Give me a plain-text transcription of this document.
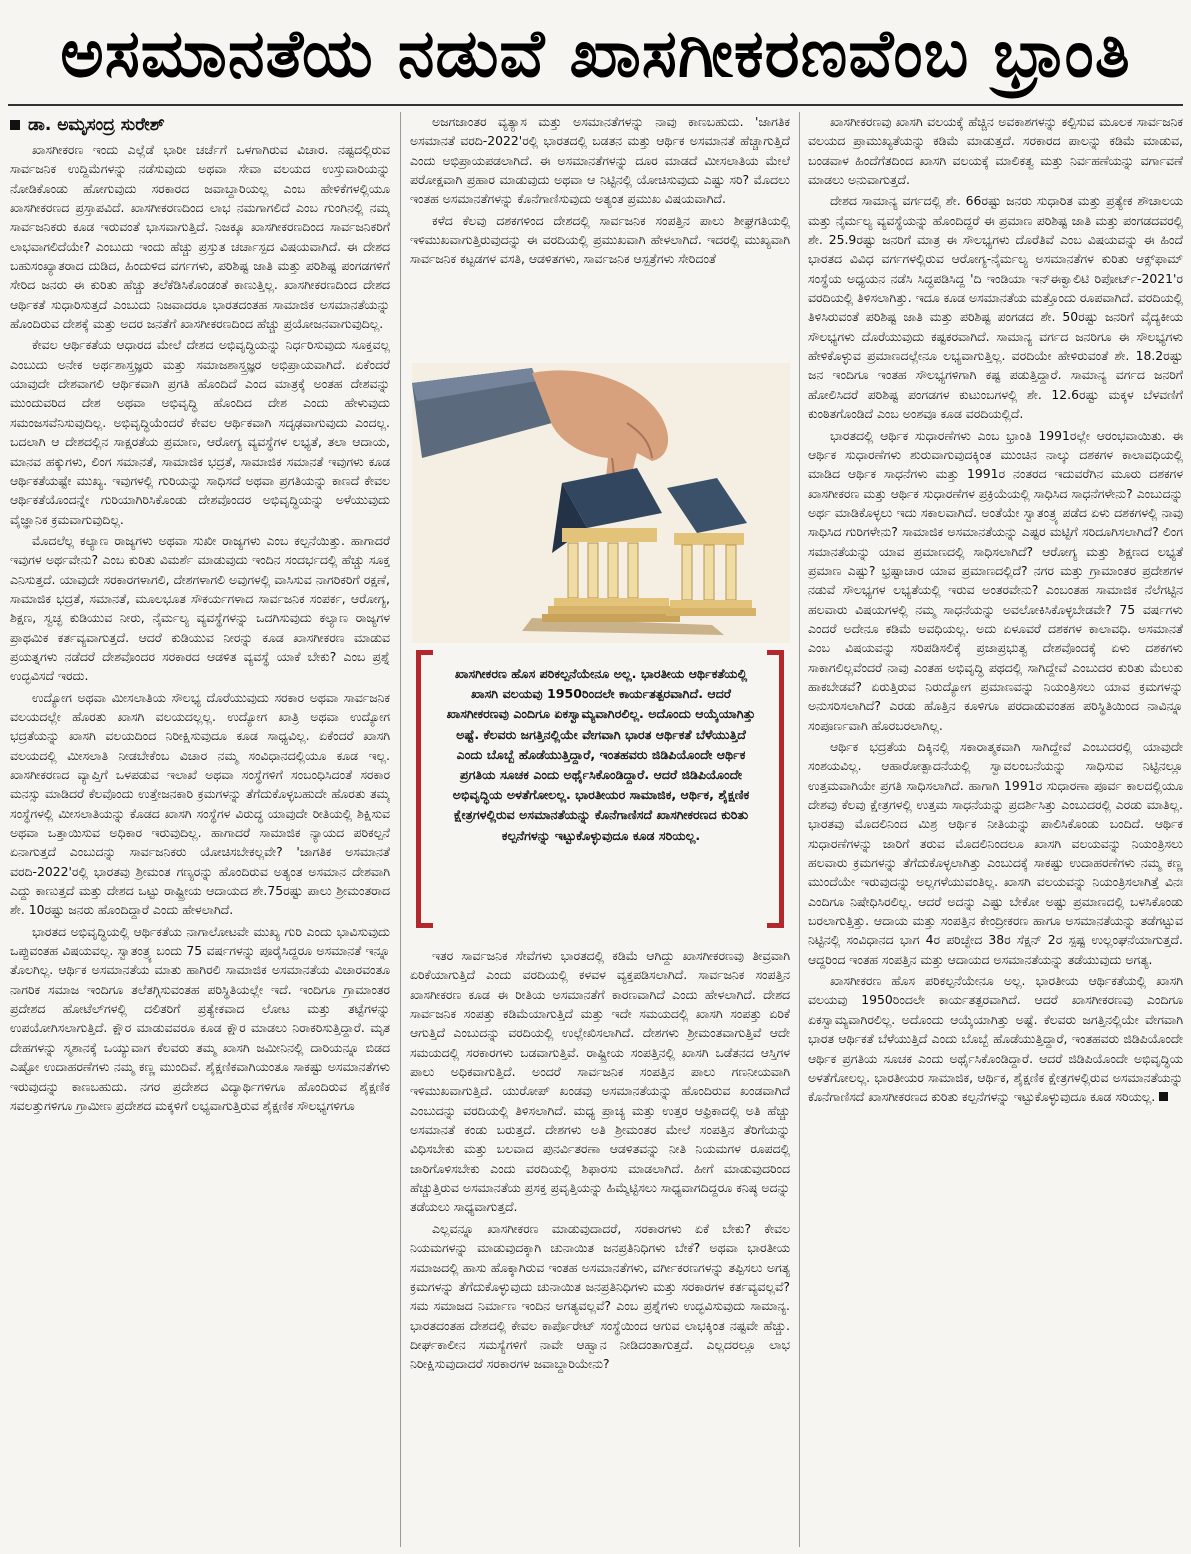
ಅಸಮಾನತೆಯ ನಡುವೆ ಖಾಸಗೀಕರಣವೆಂಬ ಭ್ರಾಂತಿ
ಡಾ. ಅಮೃಸಂದ್ರ ಸುರೇಶ್

ಖಾಸಗೀಕರಣ ಇಂದು ಎಲ್ಲೆಡೆ ಭಾರೀ ಚರ್ಚೆಗೆ ಒಳಗಾಗಿರುವ ವಿಚಾರ. ನಷ್ಟದಲ್ಲಿರುವ ಸಾರ್ವಜನಿಕ ಉದ್ದಿಮೆಗಳನ್ನು ನಡೆಸುವುದು ಅಥವಾ ಸೇವಾ ವಲಯದ ಉಸ್ತುವಾರಿಯನ್ನು ನೋಡಿಕೊಂಡು ಹೋಗುವುದು ಸರಕಾರದ ಜವಾಬ್ದಾರಿಯಲ್ಲ ಎಂಬ ಹೇಳಿಕೆಗಳಲ್ಲಿಯೂ ಖಾಸಗೀಕರಣದ ಪ್ರಸ್ತಾಪವಿದೆ. ಖಾಸಗೀಕರಣದಿಂದ ಲಾಭ ನಮಗಾಗಲಿದೆ ಎಂಬ ಗುಂಗಿನಲ್ಲಿ ನಮ್ಮ ಸಾರ್ವಜನಿಕರು ಕೂಡ ಇರುವಂತೆ ಭಾಸವಾಗುತ್ತಿದೆ. ನಿಜಕ್ಕೂ ಖಾಸಗೀಕರಣದಿಂದ ಸಾರ್ವಜನಿಕರಿಗೆ ಲಾಭವಾಗಲಿದೆಯೇ? ಎಂಬುದು ಇಂದು ಹೆಚ್ಚು ಪ್ರಸ್ತುತ ಚರ್ಚಾಸ್ಪದ ವಿಷಯವಾಗಿದೆ. ಈ ದೇಶದ ಬಹುಸಂಖ್ಯಾತರಾದ ದುಡಿದ, ಹಿಂದುಳಿದ ವರ್ಗಗಳು, ಪರಿಶಿಷ್ಟ ಜಾತಿ ಮತ್ತು ಪರಿಶಿಷ್ಟ ಪಂಗಡಗಳಿಗೆ ಸೇರಿದ ಜನರು ಈ ಕುರಿತು ಹೆಚ್ಚು ತಲೆಕೆಡಿಸಿಕೊಂಡಂತೆ ಕಾಣುತ್ತಿಲ್ಲ. ಖಾಸಗೀಕರಣದಿಂದ ದೇಶದ ಆರ್ಥಿಕತೆ ಸುಧಾರಿಸುತ್ತದೆ ಎಂಬುದು ನಿಜವಾದರೂ ಭಾರತದಂತಹ ಸಾಮಾಜಿಕ ಅಸಮಾನತೆಯನ್ನು ಹೊಂದಿರುವ ದೇಶಕ್ಕೆ ಮತ್ತು ಅದರ ಜನತೆಗೆ ಖಾಸಗೀಕರಣದಿಂದ ಹೆಚ್ಚು ಪ್ರಯೋಜನವಾಗುವುದಿಲ್ಲ.

ಕೇವಲ ಆರ್ಥಿಕತೆಯ ಆಧಾರದ ಮೇಲೆ ದೇಶದ ಅಭಿವೃದ್ಧಿಯನ್ನು ನಿರ್ಧರಿಸುವುದು ಸೂಕ್ತವಲ್ಲ ಎಂಬುದು ಅನೇಕ ಅರ್ಥಶಾಸ್ತ್ರಜ್ಞರು ಮತ್ತು ಸಮಾಜಶಾಸ್ತ್ರಜ್ಞರ ಅಭಿಪ್ರಾಯವಾಗಿದೆ. ಏಕೆಂದರೆ ಯಾವುದೇ ದೇಶವಾಗಲಿ ಆರ್ಥಿಕವಾಗಿ ಪ್ರಗತಿ ಹೊಂದಿದೆ ಎಂದ ಮಾತ್ರಕ್ಕೆ ಅಂತಹ ದೇಶವನ್ನು ಮುಂದುವರಿದ ದೇಶ ಅಥವಾ ಅಭಿವೃದ್ಧಿ ಹೊಂದಿದ ದೇಶ ಎಂದು ಹೇಳುವುದು ಸಮಂಜಸವೆನಿಸುವುದಿಲ್ಲ. ಅಭಿವೃದ್ಧಿಯೆಂದರೆ ಕೇವಲ ಆರ್ಥಿಕವಾಗಿ ಸದೃಢವಾಗುವುದು ಎಂದಲ್ಲ. ಬದಲಾಗಿ ಆ ದೇಶದಲ್ಲಿನ ಸಾಕ್ಷರತೆಯ ಪ್ರಮಾಣ, ಆರೋಗ್ಯ ವ್ಯವಸ್ಥೆಗಳ ಲಭ್ಯತೆ, ತಲಾ ಆದಾಯ, ಮಾನವ ಹಕ್ಕುಗಳು, ಲಿಂಗ ಸಮಾನತೆ, ಸಾಮಾಜಿಕ ಭದ್ರತೆ, ಸಾಮಾಜಿಕ ಸಮಾನತೆ ಇವುಗಳು ಕೂಡ ಆರ್ಥಿಕತೆಯಷ್ಟೇ ಮುಖ್ಯ. ಇವುಗಳಲ್ಲಿ ಗುರಿಯನ್ನು ಸಾಧಿಸದೆ ಅಥವಾ ಪ್ರಗತಿಯನ್ನು ಕಾಣದೆ ಕೇವಲ ಆರ್ಥಿಕತೆಯೊಂದನ್ನೇ ಗುರಿಯಾಗಿರಿಸಿಕೊಂಡು ದೇಶವೊಂದರ ಅಭಿವೃದ್ಧಿಯನ್ನು ಅಳೆಯುವುದು ವೈಜ್ಞಾನಿಕ ಕ್ರಮವಾಗುವುದಿಲ್ಲ.

ಮೊದಲೆಲ್ಲ ಕಲ್ಯಾಣ ರಾಜ್ಯಗಳು ಅಥವಾ ಸುಖೀ ರಾಜ್ಯಗಳು ಎಂಬ ಕಲ್ಪನೆಯಿತ್ತು. ಹಾಗಾದರೆ ಇವುಗಳ ಅರ್ಥವೇನು? ಎಂಬ ಕುರಿತು ವಿಮರ್ಶೆ ಮಾಡುವುದು ಇಂದಿನ ಸಂದರ್ಭದಲ್ಲಿ ಹೆಚ್ಚು ಸೂಕ್ತ ಎನಿಸುತ್ತದೆ. ಯಾವುದೇ ಸರಕಾರಗಳಾಗಲಿ, ದೇಶಗಳಾಗಲಿ ಅವುಗಳಲ್ಲಿ ವಾಸಿಸುವ ನಾಗರಿಕರಿಗೆ ರಕ್ಷಣೆ, ಸಾಮಾಜಿಕ ಭದ್ರತೆ, ಸಮಾನತೆ, ಮೂಲಭೂತ ಸೌಕರ್ಯಗಳಾದ ಸಾರ್ವಜನಿಕ ಸಂಪರ್ಕ, ಆರೋಗ್ಯ, ಶಿಕ್ಷಣ, ಸ್ವಚ್ಛ ಕುಡಿಯುವ ನೀರು, ನೈರ್ಮಲ್ಯ ವ್ಯವಸ್ಥೆಗಳನ್ನು ಒದಗಿಸುವುದು ಕಲ್ಯಾಣ ರಾಜ್ಯಗಳ ಪ್ರಾಥಮಿಕ ಕರ್ತವ್ಯವಾಗುತ್ತದೆ. ಆದರೆ ಕುಡಿಯುವ ನೀರನ್ನು ಕೂಡ ಖಾಸಗೀಕರಣ ಮಾಡುವ ಪ್ರಯತ್ನಗಳು ನಡೆದರೆ ದೇಶವೊಂದರ ಸರಕಾರದ ಆಡಳಿತ ವ್ಯವಸ್ಥೆ ಯಾಕೆ ಬೇಕು? ಎಂಬ ಪ್ರಶ್ನೆ ಉದ್ಭವಿಸದೆ ಇರದು.

ಉದ್ಯೋಗ ಅಥವಾ ಮೀಸಲಾತಿಯ ಸೌಲಭ್ಯ ದೊರೆಯುವುದು ಸರಕಾರ ಅಥವಾ ಸಾರ್ವಜನಿಕ ವಲಯದಲ್ಲೇ ಹೊರತು ಖಾಸಗಿ ವಲಯದಲ್ಲಲ್ಲ. ಉದ್ಯೋಗ ಖಾತ್ರಿ ಅಥವಾ ಉದ್ಯೋಗ ಭದ್ರತೆಯನ್ನು ಖಾಸಗಿ ವಲಯದಿಂದ ನಿರೀಕ್ಷಿಸುವುದೂ ಕೂಡ ಸಾಧ್ಯವಿಲ್ಲ. ಏಕೆಂದರೆ ಖಾಸಗಿ ವಲಯದಲ್ಲಿ ಮೀಸಲಾತಿ ನೀಡಬೇಕೆಂಬ ವಿಚಾರ ನಮ್ಮ ಸಂವಿಧಾನದಲ್ಲಿಯೂ ಕೂಡ ಇಲ್ಲ. ಖಾಸಗೀಕರಣದ ವ್ಯಾಪ್ತಿಗೆ ಒಳಪಡುವ ಇಲಾಖೆ ಅಥವಾ ಸಂಸ್ಥೆಗಳಿಗೆ ಸಂಬಂಧಿಸಿದಂತೆ ಸರಕಾರ ಮನಸ್ಸು ಮಾಡಿದರೆ ಕೆಲವೊಂದು ಉತ್ತೇಜನಕಾರಿ ಕ್ರಮಗಳನ್ನು ತೆಗೆದುಕೊಳ್ಳಬಹುದೇ ಹೊರತು ತಮ್ಮ ಸಂಸ್ಥೆಗಳಲ್ಲಿ ಮೀಸಲಾತಿಯನ್ನು ಕೊಡದ ಖಾಸಗಿ ಸಂಸ್ಥೆಗಳ ವಿರುದ್ಧ ಯಾವುದೇ ರೀತಿಯಲ್ಲಿ ಶಿಕ್ಷಿಸುವ ಅಥವಾ ಒತ್ತಾಯಿಸುವ ಅಧಿಕಾರ ಇರುವುದಿಲ್ಲ. ಹಾಗಾದರೆ ಸಾಮಾಜಿಕ ನ್ಯಾಯದ ಪರಿಕಲ್ಪನೆ ಏನಾಗುತ್ತದೆ ಎಂಬುದನ್ನು ಸಾರ್ವಜನಿಕರು ಯೋಚಿಸಬೇಕಲ್ಲವೇ? 'ಜಾಗತಿಕ ಅಸಮಾನತೆ ವರದಿ-2022'ರಲ್ಲಿ ಭಾರತವು ಶ್ರೀಮಂತ ಗಣ್ಯರನ್ನು ಹೊಂದಿರುವ ಅತ್ಯಂತ ಅಸಮಾನ ದೇಶವಾಗಿ ಎದ್ದು ಕಾಣುತ್ತದೆ ಮತ್ತು ದೇಶದ ಒಟ್ಟು ರಾಷ್ಟ್ರೀಯ ಆದಾಯದ ಶೇ.75ರಷ್ಟು ಪಾಲು ಶ್ರೀಮಂತರಾದ ಶೇ. 10ರಷ್ಟು ಜನರು ಹೊಂದಿದ್ದಾರೆ ಎಂದು ಹೇಳಲಾಗಿದೆ.

ಭಾರತದ ಅಭಿವೃದ್ಧಿಯಲ್ಲಿ ಆರ್ಥಿಕತೆಯ ನಾಗಾಲೋಟವೇ ಮುಖ್ಯ ಗುರಿ ಎಂದು ಭಾವಿಸುವುದು ಒಪ್ಪುವಂತಹ ವಿಷಯವಲ್ಲ. ಸ್ವಾತಂತ್ರ್ಯ ಬಂದು 75 ವರ್ಷಗಳನ್ನು ಪೂರೈಸಿದ್ದರೂ ಅಸಮಾನತೆ ಇನ್ನೂ ತೊಲಗಿಲ್ಲ. ಆರ್ಥಿಕ ಅಸಮಾನತೆಯ ಮಾತು ಹಾಗಿರಲಿ ಸಾಮಾಜಿಕ ಅಸಮಾನತೆಯ ವಿಚಾರವಂತೂ ನಾಗರಿಕ ಸಮಾಜ ಇಂದಿಗೂ ತಲೆತಗ್ಗಿಸುವಂತಹ ಪರಿಸ್ಥಿತಿಯಲ್ಲೇ ಇದೆ. ಇಂದಿಗೂ ಗ್ರಾಮಾಂತರ ಪ್ರದೇಶದ ಹೋಟೆಲ್‌ಗಳಲ್ಲಿ ದಲಿತರಿಗೆ ಪ್ರತ್ಯೇಕವಾದ ಲೋಟ ಮತ್ತು ತಟ್ಟೆಗಳನ್ನು ಉಪಯೋಗಿಸಲಾಗುತ್ತಿದೆ. ಕ್ಷೌರ ಮಾಡುವವರೂ ಕೂಡ ಕ್ಷೌರ ಮಾಡಲು ನಿರಾಕರಿಸುತ್ತಿದ್ದಾರೆ. ಮೃತ ದೇಹಗಳನ್ನು ಸ್ಮಶಾನಕ್ಕೆ ಒಯ್ಯುವಾಗ ಕೆಲವರು ತಮ್ಮ ಖಾಸಗಿ ಜಮೀನಿನಲ್ಲಿ ದಾರಿಯನ್ನೂ ಬಿಡದ ಎಷ್ಟೋ ಉದಾಹರಣೆಗಳು ನಮ್ಮ ಕಣ್ಣ ಮುಂದಿವೆ. ಶೈಕ್ಷಣಿಕವಾಗಿಯಂತೂ ಸಾಕಷ್ಟು ಅಸಮಾನತೆಗಳು ಇರುವುದನ್ನು ಕಾಣಬಹುದು. ನಗರ ಪ್ರದೇಶದ ವಿದ್ಯಾರ್ಥಿಗಳಿಗೂ ಹೊಂದಿರುವ ಶೈಕ್ಷಣಿಕ ಸವಲತ್ತುಗಳಿಗೂ ಗ್ರಾಮೀಣ ಪ್ರದೇಶದ ಮಕ್ಕಳಿಗೆ ಲಭ್ಯವಾಗುತ್ತಿರುವ ಶೈಕ್ಷಣಿಕ ಸೌಲಭ್ಯಗಳಿಗೂ

ಅಜಗಜಾಂತರ ವ್ಯತ್ಯಾಸ ಮತ್ತು ಅಸಮಾನತೆಗಳನ್ನು ನಾವು ಕಾಣಬಹುದು. 'ಜಾಗತಿಕ ಅಸಮಾನತೆ ವರದಿ-2022'ರಲ್ಲಿ ಭಾರತದಲ್ಲಿ ಬಡತನ ಮತ್ತು ಆರ್ಥಿಕ ಅಸಮಾನತೆ ಹೆಚ್ಚಾಗುತ್ತಿದೆ ಎಂದು ಅಭಿಪ್ರಾಯಪಡಲಾಗಿದೆ. ಈ ಅಸಮಾನತೆಗಳನ್ನು ದೂರ ಮಾಡದೆ ಮೀಸಲಾತಿಯ ಮೇಲೆ ಪರೋಕ್ಷವಾಗಿ ಪ್ರಹಾರ ಮಾಡುವುದು ಅಥವಾ ಆ ನಿಟ್ಟಿನಲ್ಲಿ ಯೋಚಿಸುವುದು ಎಷ್ಟು ಸರಿ? ಮೊದಲು ಇಂತಹ ಅಸಮಾನತೆಗಳನ್ನು ಕೊನೆಗಾಣಿಸುವುದು ಅತ್ಯಂತ ಪ್ರಮುಖ ವಿಷಯವಾಗಿದೆ.

ಕಳೆದ ಕೆಲವು ದಶಕಗಳಿಂದ ದೇಶದಲ್ಲಿ ಸಾರ್ವಜನಿಕ ಸಂಪತ್ತಿನ ಪಾಲು ಶೀಘ್ರಗತಿಯಲ್ಲಿ ಇಳಿಮುಖವಾಗುತ್ತಿರುವುದನ್ನು ಈ ವರದಿಯಲ್ಲಿ ಪ್ರಮುಖವಾಗಿ ಹೇಳಲಾಗಿದೆ. ಇದರಲ್ಲಿ ಮುಖ್ಯವಾಗಿ ಸಾರ್ವಜನಿಕ ಕಟ್ಟಡಗಳ ವಸತಿ, ಆಡಳಿತಗಳು, ಸಾರ್ವಜನಿಕ ಆಸ್ಪತ್ರೆಗಳು ಸೇರಿದಂತೆ

ಖಾಸಗೀಕರಣ ಹೊಸ ಪರಿಕಲ್ಪನೆಯೇನೂ ಅಲ್ಲ. ಭಾರತೀಯ ಆರ್ಥಿಕತೆಯಲ್ಲಿ ಖಾಸಗಿ ವಲಯವು 1950ರಿಂದಲೇ ಕಾರ್ಯತತ್ಪರವಾಗಿದೆ. ಆದರೆ ಖಾಸಗೀಕರಣವು ಎಂದಿಗೂ ಏಕಸ್ವಾಮ್ಯವಾಗಿರಲಿಲ್ಲ. ಅದೊಂದು ಆಯ್ಕೆಯಾಗಿತ್ತು ಅಷ್ಟೆ. ಕೆಲವರು ಜಗತ್ತಿನಲ್ಲಿಯೇ ವೇಗವಾಗಿ ಭಾರತ ಆರ್ಥಿಕತೆ ಬೆಳೆಯುತ್ತಿದೆ ಎಂದು ಬೊಬ್ಬೆ ಹೊಡೆಯುತ್ತಿದ್ದಾರೆ, ಇಂತಹವರು ಜಿಡಿಪಿಯೊಂದೇ ಆರ್ಥಿಕ ಪ್ರಗತಿಯ ಸೂಚಕ ಎಂದು ಅರ್ಥೈಸಿಕೊಂಡಿದ್ದಾರೆ. ಆದರೆ ಜಿಡಿಪಿಯೊಂದೇ ಅಭಿವೃದ್ಧಿಯ ಅಳತೆಗೋಲಲ್ಲ. ಭಾರತೀಯರ ಸಾಮಾಜಿಕ, ಆರ್ಥಿಕ, ಶೈಕ್ಷಣಿಕ ಕ್ಷೇತ್ರಗಳಲ್ಲಿರುವ ಅಸಮಾನತೆಯನ್ನು ಕೊನೆಗಾಣಿಸದೆ ಖಾಸಗೀಕರಣದ ಕುರಿತು ಕಲ್ಪನೆಗಳನ್ನು ಇಟ್ಟುಕೊಳ್ಳುವುದೂ ಕೂಡ ಸರಿಯಲ್ಲ.

ಇತರ ಸಾರ್ವಜನಿಕ ಸೇವೆಗಳು ಭಾರತದಲ್ಲಿ ಕಡಿಮೆ ಆಗಿದ್ದು ಖಾಸಗೀಕರಣವು ತೀವ್ರವಾಗಿ ಏರಿಕೆಯಾಗುತ್ತಿದೆ ಎಂದು ವರದಿಯಲ್ಲಿ ಕಳವಳ ವ್ಯಕ್ತಪಡಿಸಲಾಗಿದೆ. ಸಾರ್ವಜನಿಕ ಸಂಪತ್ತಿನ ಖಾಸಗೀಕರಣ ಕೂಡ ಈ ರೀತಿಯ ಅಸಮಾನತೆಗೆ ಕಾರಣವಾಗಿದೆ ಎಂದು ಹೇಳಲಾಗಿದೆ. ದೇಶದ ಸಾರ್ವಜನಿಕ ಸಂಪತ್ತು ಕಡಿಮೆಯಾಗುತ್ತಿದೆ ಮತ್ತು ಇದೇ ಸಮಯದಲ್ಲಿ ಖಾಸಗಿ ಸಂಪತ್ತು ಏರಿಕೆ ಆಗುತ್ತಿದೆ ಎಂಬುದನ್ನು ವರದಿಯಲ್ಲಿ ಉಲ್ಲೇಖಿಸಲಾಗಿದೆ. ದೇಶಗಳು ಶ್ರೀಮಂತವಾಗುತ್ತಿವೆ ಆದೇ ಸಮಯದಲ್ಲಿ ಸರಕಾರಗಳು ಬಡವಾಗುತ್ತಿವೆ. ರಾಷ್ಟ್ರೀಯ ಸಂಪತ್ತಿನಲ್ಲಿ ಖಾಸಗಿ ಒಡೆತನದ ಆಸ್ತಿಗಳ ಪಾಲು ಅಧಿಕವಾಗುತ್ತಿದೆ. ಅಂದರೆ ಸಾರ್ವಜನಿಕ ಸಂಪತ್ತಿನ ಪಾಲು ಗಣನೀಯವಾಗಿ ಇಳಿಮುಖವಾಗುತ್ತಿದೆ. ಯುರೋಪ್ ಖಂಡವು ಅಸಮಾನತೆಯನ್ನು ಹೊಂದಿರುವ ಖಂಡವಾಗಿದೆ ಎಂಬುದನ್ನು ವರದಿಯಲ್ಲಿ ತಿಳಿಸಲಾಗಿದೆ. ಮಧ್ಯ ಪ್ರಾಚ್ಯ ಮತ್ತು ಉತ್ತರ ಆಫ್ರಿಕಾದಲ್ಲಿ ಅತಿ ಹೆಚ್ಚು ಅಸಮಾನತೆ ಕಂಡು ಬರುತ್ತದೆ. ದೇಶಗಳು ಅತಿ ಶ್ರೀಮಂತರ ಮೇಲೆ ಸಂಪತ್ತಿನ ತೆರಿಗೆಯನ್ನು ವಿಧಿಸಬೇಕು ಮತ್ತು ಬಲವಾದ ಪುನರ್ವಿತರಣಾ ಆಡಳಿತವನ್ನು ನೀತಿ ನಿಯಮಗಳ ರೂಪದಲ್ಲಿ ಜಾರಿಗೊಳಿಸಬೇಕು ಎಂದು ವರದಿಯಲ್ಲಿ ಶಿಫಾರಸು ಮಾಡಲಾಗಿದೆ. ಹೀಗೆ ಮಾಡುವುದರಿಂದ ಹೆಚ್ಚುತ್ತಿರುವ ಅಸಮಾನತೆಯ ಪ್ರಸಕ್ತ ಪ್ರವೃತ್ತಿಯನ್ನು ಹಿಮ್ಮೆಟ್ಟಿಸಲು ಸಾಧ್ಯವಾಗದಿದ್ದರೂ ಕನಿಷ್ಠ ಅದನ್ನು ತಡೆಯಲು ಸಾಧ್ಯವಾಗುತ್ತದೆ.

ಎಲ್ಲವನ್ನೂ ಖಾಸಗೀಕರಣ ಮಾಡುವುದಾದರೆ, ಸರಕಾರಗಳು ಏಕೆ ಬೇಕು? ಕೇವಲ ನಿಯಮಗಳನ್ನು ಮಾಡುವುದಕ್ಕಾಗಿ ಚುನಾಯಿತ ಜನಪ್ರತಿನಿಧಿಗಳು ಬೇಕೆ? ಅಥವಾ ಭಾರತೀಯ ಸಮಾಜದಲ್ಲಿ ಹಾಸು ಹೊಕ್ಕಾಗಿರುವ ಇಂತಹ ಅಸಮಾನತೆಗಳು, ವರ್ಗೀಕರಣಗಳನ್ನು ತಪ್ಪಿಸಲು ಅಗತ್ಯ ಕ್ರಮಗಳನ್ನು ತೆಗೆದುಕೊಳ್ಳುವುದು ಚುನಾಯಿತ ಜನಪ್ರತಿನಿಧಿಗಳು ಮತ್ತು ಸರಕಾರಗಳ ಕರ್ತವ್ಯವಲ್ಲವೆ? ಸಮ ಸಮಾಜದ ನಿರ್ಮಾಣ ಇಂದಿನ ಅಗತ್ಯವಲ್ಲವೆ? ಎಂಬ ಪ್ರಶ್ನೆಗಳು ಉದ್ಭವಿಸುವುದು ಸಾಮಾನ್ಯ. ಭಾರತದಂತಹ ದೇಶದಲ್ಲಿ ಕೇವಲ ಕಾರ್ಪೊರೇಟ್ ಸಂಸ್ಥೆಯಿಂದ ಆಗುವ ಲಾಭಕ್ಕಿಂತ ನಷ್ಟವೇ ಹೆಚ್ಚು. ದೀರ್ಘಕಾಲೀನ ಸಮಸ್ಯೆಗಳಿಗೆ ನಾವೇ ಆಹ್ವಾನ ನೀಡಿದಂತಾಗುತ್ತದೆ. ಎಲ್ಲದರಲ್ಲೂ ಲಾಭ ನಿರೀಕ್ಷಿಸುವುದಾದರೆ ಸರಕಾರಗಳ ಜವಾಬ್ದಾರಿಯೇನು?

ಖಾಸಗೀಕರಣವು ಖಾಸಗಿ ವಲಯಕ್ಕೆ ಹೆಚ್ಚಿನ ಅವಕಾಶಗಳನ್ನು ಕಲ್ಪಿಸುವ ಮೂಲಕ ಸಾರ್ವಜನಿಕ ವಲಯದ ಪ್ರಾಮುಖ್ಯತೆಯನ್ನು ಕಡಿಮೆ ಮಾಡುತ್ತದೆ. ಸರಕಾರದ ಪಾಲನ್ನು ಕಡಿಮೆ ಮಾಡುವ, ಬಂಡವಾಳ ಹಿಂದೆಗೆತದಿಂದ ಖಾಸಗಿ ವಲಯಕ್ಕೆ ಮಾಲಿಕತ್ವ ಮತ್ತು ನಿರ್ವಹಣೆಯನ್ನು ವರ್ಗಾವಣೆ ಮಾಡಲು ಅನುವಾಗುತ್ತದೆ.

ದೇಶದ ಸಾಮಾನ್ಯ ವರ್ಗದಲ್ಲಿ ಶೇ. 66ರಷ್ಟು ಜನರು ಸುಧಾರಿತ ಮತ್ತು ಪ್ರತ್ಯೇಕ ಶೌಚಾಲಯ ಮತ್ತು ನೈರ್ಮಲ್ಯ ವ್ಯವಸ್ಥೆಯನ್ನು ಹೊಂದಿದ್ದರೆ ಈ ಪ್ರಮಾಣ ಪರಿಶಿಷ್ಟ ಜಾತಿ ಮತ್ತು ಪಂಗಡದವರಲ್ಲಿ ಶೇ. 25.9ರಷ್ಟು ಜನರಿಗೆ ಮಾತ್ರ ಈ ಸೌಲಭ್ಯಗಳು ದೊರೆತಿವೆ ಎಂಬ ವಿಷಯವನ್ನು ಈ ಹಿಂದೆ ಭಾರತದ ವಿವಿಧ ವರ್ಗಗಳಲ್ಲಿರುವ ಆರೋಗ್ಯ-ನೈರ್ಮಲ್ಯ ಅಸಮಾನತೆಗಳ ಕುರಿತು ಆಕ್ಸ್‌ಫಾಮ್ ಸಂಸ್ಥೆಯ ಅಧ್ಯಯನ ನಡೆಸಿ ಸಿದ್ಧಪಡಿಸಿದ್ದ 'ದಿ ಇಂಡಿಯಾ ಇನ್‌ಈಕ್ವಾಲಿಟಿ ರಿಪೋರ್ಟ್-2021'ರ ವರದಿಯಲ್ಲಿ ತಿಳಿಸಲಾಗಿತ್ತು. ಇದೂ ಕೂಡ ಅಸಮಾನತೆಯ ಮತ್ತೊಂದು ರೂಪವಾಗಿದೆ. ವರದಿಯಲ್ಲಿ ತಿಳಿಸಿರುವಂತೆ ಪರಿಶಿಷ್ಟ ಜಾತಿ ಮತ್ತು ಪರಿಶಿಷ್ಟ ಪಂಗಡದ ಶೇ. 50ರಷ್ಟು ಜನರಿಗೆ ವೈದ್ಯಕೀಯ ಸೌಲಭ್ಯಗಳು ದೊರೆಯುವುದು ಕಷ್ಟಕರವಾಗಿದೆ. ಸಾಮಾನ್ಯ ವರ್ಗದ ಜನರಿಗೂ ಈ ಸೌಲಭ್ಯಗಳು ಹೇಳಿಕೊಳ್ಳುವ ಪ್ರಮಾಣದಲ್ಲೇನೂ ಲಭ್ಯವಾಗುತ್ತಿಲ್ಲ. ವರದಿಯೇ ಹೇಳಿರುವಂತೆ ಶೇ. 18.2ರಷ್ಟು ಜನ ಇಂದಿಗೂ ಇಂತಹ ಸೌಲಭ್ಯಗಳಿಗಾಗಿ ಕಷ್ಟ ಪಡುತ್ತಿದ್ದಾರೆ. ಸಾಮಾನ್ಯ ವರ್ಗದ ಜನರಿಗೆ ಹೋಲಿಸಿದರೆ ಪರಿಶಿಷ್ಟ ಪಂಗಡಗಳ ಕುಟುಂಬಗಳಲ್ಲಿ ಶೇ. 12.6ರಷ್ಟು ಮಕ್ಕಳ ಬೆಳವಣಿಗೆ ಕುಂಠಿತಗೊಂಡಿದೆ ಎಂಬ ಅಂಶವೂ ಕೂಡ ವರದಿಯಲ್ಲಿದೆ.

ಭಾರತದಲ್ಲಿ ಆರ್ಥಿಕ ಸುಧಾರಣೆಗಳು ಎಂಬ ಭ್ರಾಂತಿ 1991ರಲ್ಲೇ ಆರಂಭವಾಯಿತು. ಈ ಆರ್ಥಿಕ ಸುಧಾರಣೆಗಳು ಶುರುವಾಗುವುದಕ್ಕಿಂತ ಮುಂಚಿನ ನಾಲ್ಕು ದಶಕಗಳ ಕಾಲಾವಧಿಯಲ್ಲಿ ಮಾಡಿದ ಆರ್ಥಿಕ ಸಾಧನೆಗಳು ಮತ್ತು 1991ರ ನಂತರದ ಇದುವರೆಗಿನ ಮೂರು ದಶಕಗಳ ಖಾಸಗೀಕರಣ ಮತ್ತು ಆರ್ಥಿಕ ಸುಧಾರಣೆಗಳ ಪ್ರಕ್ರಿಯೆಯಲ್ಲಿ ಸಾಧಿಸಿದ ಸಾಧನೆಗಳೇನು? ಎಂಬುದನ್ನು ಅರ್ಥ ಮಾಡಿಕೊಳ್ಳಲು ಇದು ಸಕಾಲವಾಗಿದೆ. ಅಂತೆಯೇ ಸ್ವಾತಂತ್ರ್ಯ ಪಡೆದ ಏಳು ದಶಕಗಳಲ್ಲಿ ನಾವು ಸಾಧಿಸಿದ ಗುರಿಗಳೇನು? ಸಾಮಾಜಿಕ ಅಸಮಾನತೆಯನ್ನು ಎಷ್ಟರ ಮಟ್ಟಿಗೆ ಸರಿದೂಗಿಸಲಾಗಿದೆ? ಲಿಂಗ ಸಮಾನತೆಯನ್ನು ಯಾವ ಪ್ರಮಾಣದಲ್ಲಿ ಸಾಧಿಸಲಾಗಿದೆ? ಆರೋಗ್ಯ ಮತ್ತು ಶಿಕ್ಷಣದ ಲಭ್ಯತೆ ಪ್ರಮಾಣ ಎಷ್ಟು? ಭ್ರಷ್ಟಾಚಾರ ಯಾವ ಪ್ರಮಾಣದಲ್ಲಿದೆ? ನಗರ ಮತ್ತು ಗ್ರಾಮಾಂತರ ಪ್ರದೇಶಗಳ ನಡುವೆ ಸೌಲಭ್ಯಗಳ ಲಭ್ಯತೆಯಲ್ಲಿ ಇರುವ ಅಂತರವೇನು? ಎಂಬಂತಹ ಸಾಮಾಜಿಕ ನೆಲೆಗಟ್ಟಿನ ಹಲವಾರು ವಿಷಯಗಳಲ್ಲಿ ನಮ್ಮ ಸಾಧನೆಯನ್ನು ಅವಲೋಕಿಸಿಕೊಳ್ಳಬೇಡವೇ? 75 ವರ್ಷಗಳು ಎಂದರೆ ಅದೇನೂ ಕಡಿಮೆ ಅವಧಿಯಲ್ಲ. ಅದು ಏಳೂವರೆ ದಶಕಗಳ ಕಾಲಾವಧಿ. ಅಸಮಾನತೆ ಎಂಬ ವಿಷಯವನ್ನು ಸರಿಪಡಿಸಲಿಕ್ಕೆ ಪ್ರಜಾಪ್ರಭುತ್ವ ದೇಶವೊಂದಕ್ಕೆ ಏಳು ದಶಕಗಳು ಸಾಕಾಗಲಿಲ್ಲವೆಂದರೆ ನಾವು ಎಂತಹ ಅಭಿವೃದ್ಧಿ ಪಥದಲ್ಲಿ ಸಾಗಿದ್ದೇವೆ ಎಂಬುದರ ಕುರಿತು ಮೆಲುಕು ಹಾಕಬೇಡವೆ? ಏರುತ್ತಿರುವ ನಿರುದ್ಯೋಗ ಪ್ರಮಾಣವನ್ನು ನಿಯಂತ್ರಿಸಲು ಯಾವ ಕ್ರಮಗಳನ್ನು ಅನುಸರಿಸಲಾಗಿದೆ? ಎರಡು ಹೊತ್ತಿನ ಕೂಳಿಗೂ ಪರದಾಡುವಂತಹ ಪರಿಸ್ಥಿತಿಯಿಂದ ನಾವಿನ್ನೂ ಸಂಪೂರ್ಣವಾಗಿ ಹೊರಬರಲಾಗಿಲ್ಲ.

ಆರ್ಥಿಕ ಭದ್ರತೆಯ ದಿಕ್ಕಿನಲ್ಲಿ ಸಕಾರಾತ್ಮಕವಾಗಿ ಸಾಗಿದ್ದೇವೆ ಎಂಬುದರಲ್ಲಿ ಯಾವುದೇ ಸಂಶಯವಿಲ್ಲ. ಆಹಾರೋತ್ಪಾದನೆಯಲ್ಲಿ ಸ್ವಾವಲಂಬನೆಯನ್ನು ಸಾಧಿಸುವ ನಿಟ್ಟಿನಲ್ಲೂ ಉತ್ತಮವಾಗಿಯೇ ಪ್ರಗತಿ ಸಾಧಿಸಲಾಗಿದೆ. ಹಾಗಾಗಿ 1991ರ ಸುಧಾರಣಾ ಪೂರ್ವ ಕಾಲದಲ್ಲಿಯೂ ದೇಶವು ಕೆಲವು ಕ್ಷೇತ್ರಗಳಲ್ಲಿ ಉತ್ತಮ ಸಾಧನೆಯನ್ನು ಪ್ರದರ್ಶಿಸಿತ್ತು ಎಂಬುದರಲ್ಲಿ ಎರಡು ಮಾತಿಲ್ಲ. ಭಾರತವು ಮೊದಲಿನಿಂದ ಮಿಶ್ರ ಆರ್ಥಿಕ ನೀತಿಯನ್ನು ಪಾಲಿಸಿಕೊಂಡು ಬಂದಿದೆ. ಆರ್ಥಿಕ ಸುಧಾರಣೆಗಳನ್ನು ಜಾರಿಗೆ ತರುವ ಮೊದಲಿನಿಂದಲೂ ಖಾಸಗಿ ವಲಯವನ್ನು ನಿಯಂತ್ರಿಸಲು ಹಲವಾರು ಕ್ರಮಗಳನ್ನು ತೆಗೆದುಕೊಳ್ಳಲಾಗಿತ್ತು ಎಂಬುದಕ್ಕೆ ಸಾಕಷ್ಟು ಉದಾಹರಣೆಗಳು ನಮ್ಮ ಕಣ್ಣ ಮುಂದೆಯೇ ಇರುವುದನ್ನು ಅಲ್ಲಗಳೆಯುವಂತಿಲ್ಲ. ಖಾಸಗಿ ವಲಯವನ್ನು ನಿಯಂತ್ರಿಸಲಾಗಿತ್ತೆ ವಿನಃ ಎಂದಿಗೂ ನಿಷೇಧಿಸಿರಲಿಲ್ಲ. ಆದರೆ ಅದನ್ನು ಎಷ್ಟು ಬೇಕೋ ಅಷ್ಟು ಪ್ರಮಾಣದಲ್ಲಿ ಬಳಸಿಕೊಂಡು ಬರಲಾಗುತ್ತಿತ್ತು. ಆದಾಯ ಮತ್ತು ಸಂಪತ್ತಿನ ಕೇಂದ್ರೀಕರಣ ಹಾಗೂ ಅಸಮಾನತೆಯನ್ನು ತಡೆಗಟ್ಟುವ ನಿಟ್ಟಿನಲ್ಲಿ ಸಂವಿಧಾನದ ಭಾಗ 4ರ ಪರಿಚ್ಛೇದ 38ರ ಸೆಕ್ಷನ್ 2ರ ಸ್ಪಷ್ಟ ಉಲ್ಲಂಘನೆಯಾಗುತ್ತದೆ. ಆದ್ದರಿಂದ ಇಂತಹ ಸಂಪತ್ತಿನ ಮತ್ತು ಆದಾಯದ ಅಸಮಾನತೆಯನ್ನು ತಡೆಯುವುದು ಅಗತ್ಯ.

ಖಾಸಗೀಕರಣ ಹೊಸ ಪರಿಕಲ್ಪನೆಯೇನೂ ಅಲ್ಲ. ಭಾರತೀಯ ಆರ್ಥಿಕತೆಯಲ್ಲಿ ಖಾಸಗಿ ವಲಯವು 1950ರಿಂದಲೇ ಕಾರ್ಯತತ್ಪರವಾಗಿದೆ. ಆದರೆ ಖಾಸಗೀಕರಣವು ಎಂದಿಗೂ ಏಕಸ್ವಾಮ್ಯವಾಗಿರಲಿಲ್ಲ. ಅದೊಂದು ಆಯ್ಕೆಯಾಗಿತ್ತು ಅಷ್ಟೆ. ಕೆಲವರು ಜಗತ್ತಿನಲ್ಲಿಯೇ ವೇಗವಾಗಿ ಭಾರತ ಆರ್ಥಿಕತೆ ಬೆಳೆಯುತ್ತಿದೆ ಎಂದು ಬೊಬ್ಬೆ ಹೊಡೆಯುತ್ತಿದ್ದಾರೆ, ಇಂತಹವರು ಜಿಡಿಪಿಯೊಂದೇ ಆರ್ಥಿಕ ಪ್ರಗತಿಯ ಸೂಚಕ ಎಂದು ಅರ್ಥೈಸಿಕೊಂಡಿದ್ದಾರೆ. ಆದರೆ ಜಿಡಿಪಿಯೊಂದೇ ಅಭಿವೃದ್ಧಿಯ ಅಳತೆಗೋಲಲ್ಲ. ಭಾರತೀಯರ ಸಾಮಾಜಿಕ, ಆರ್ಥಿಕ, ಶೈಕ್ಷಣಿಕ ಕ್ಷೇತ್ರಗಳಲ್ಲಿರುವ ಅಸಮಾನತೆಯನ್ನು ಕೊನೆಗಾಣಿಸದೆ ಖಾಸಗೀಕರಣದ ಕುರಿತು ಕಲ್ಪನೆಗಳನ್ನು ಇಟ್ಟುಕೊಳ್ಳುವುದೂ ಕೂಡ ಸರಿಯಲ್ಲ.
